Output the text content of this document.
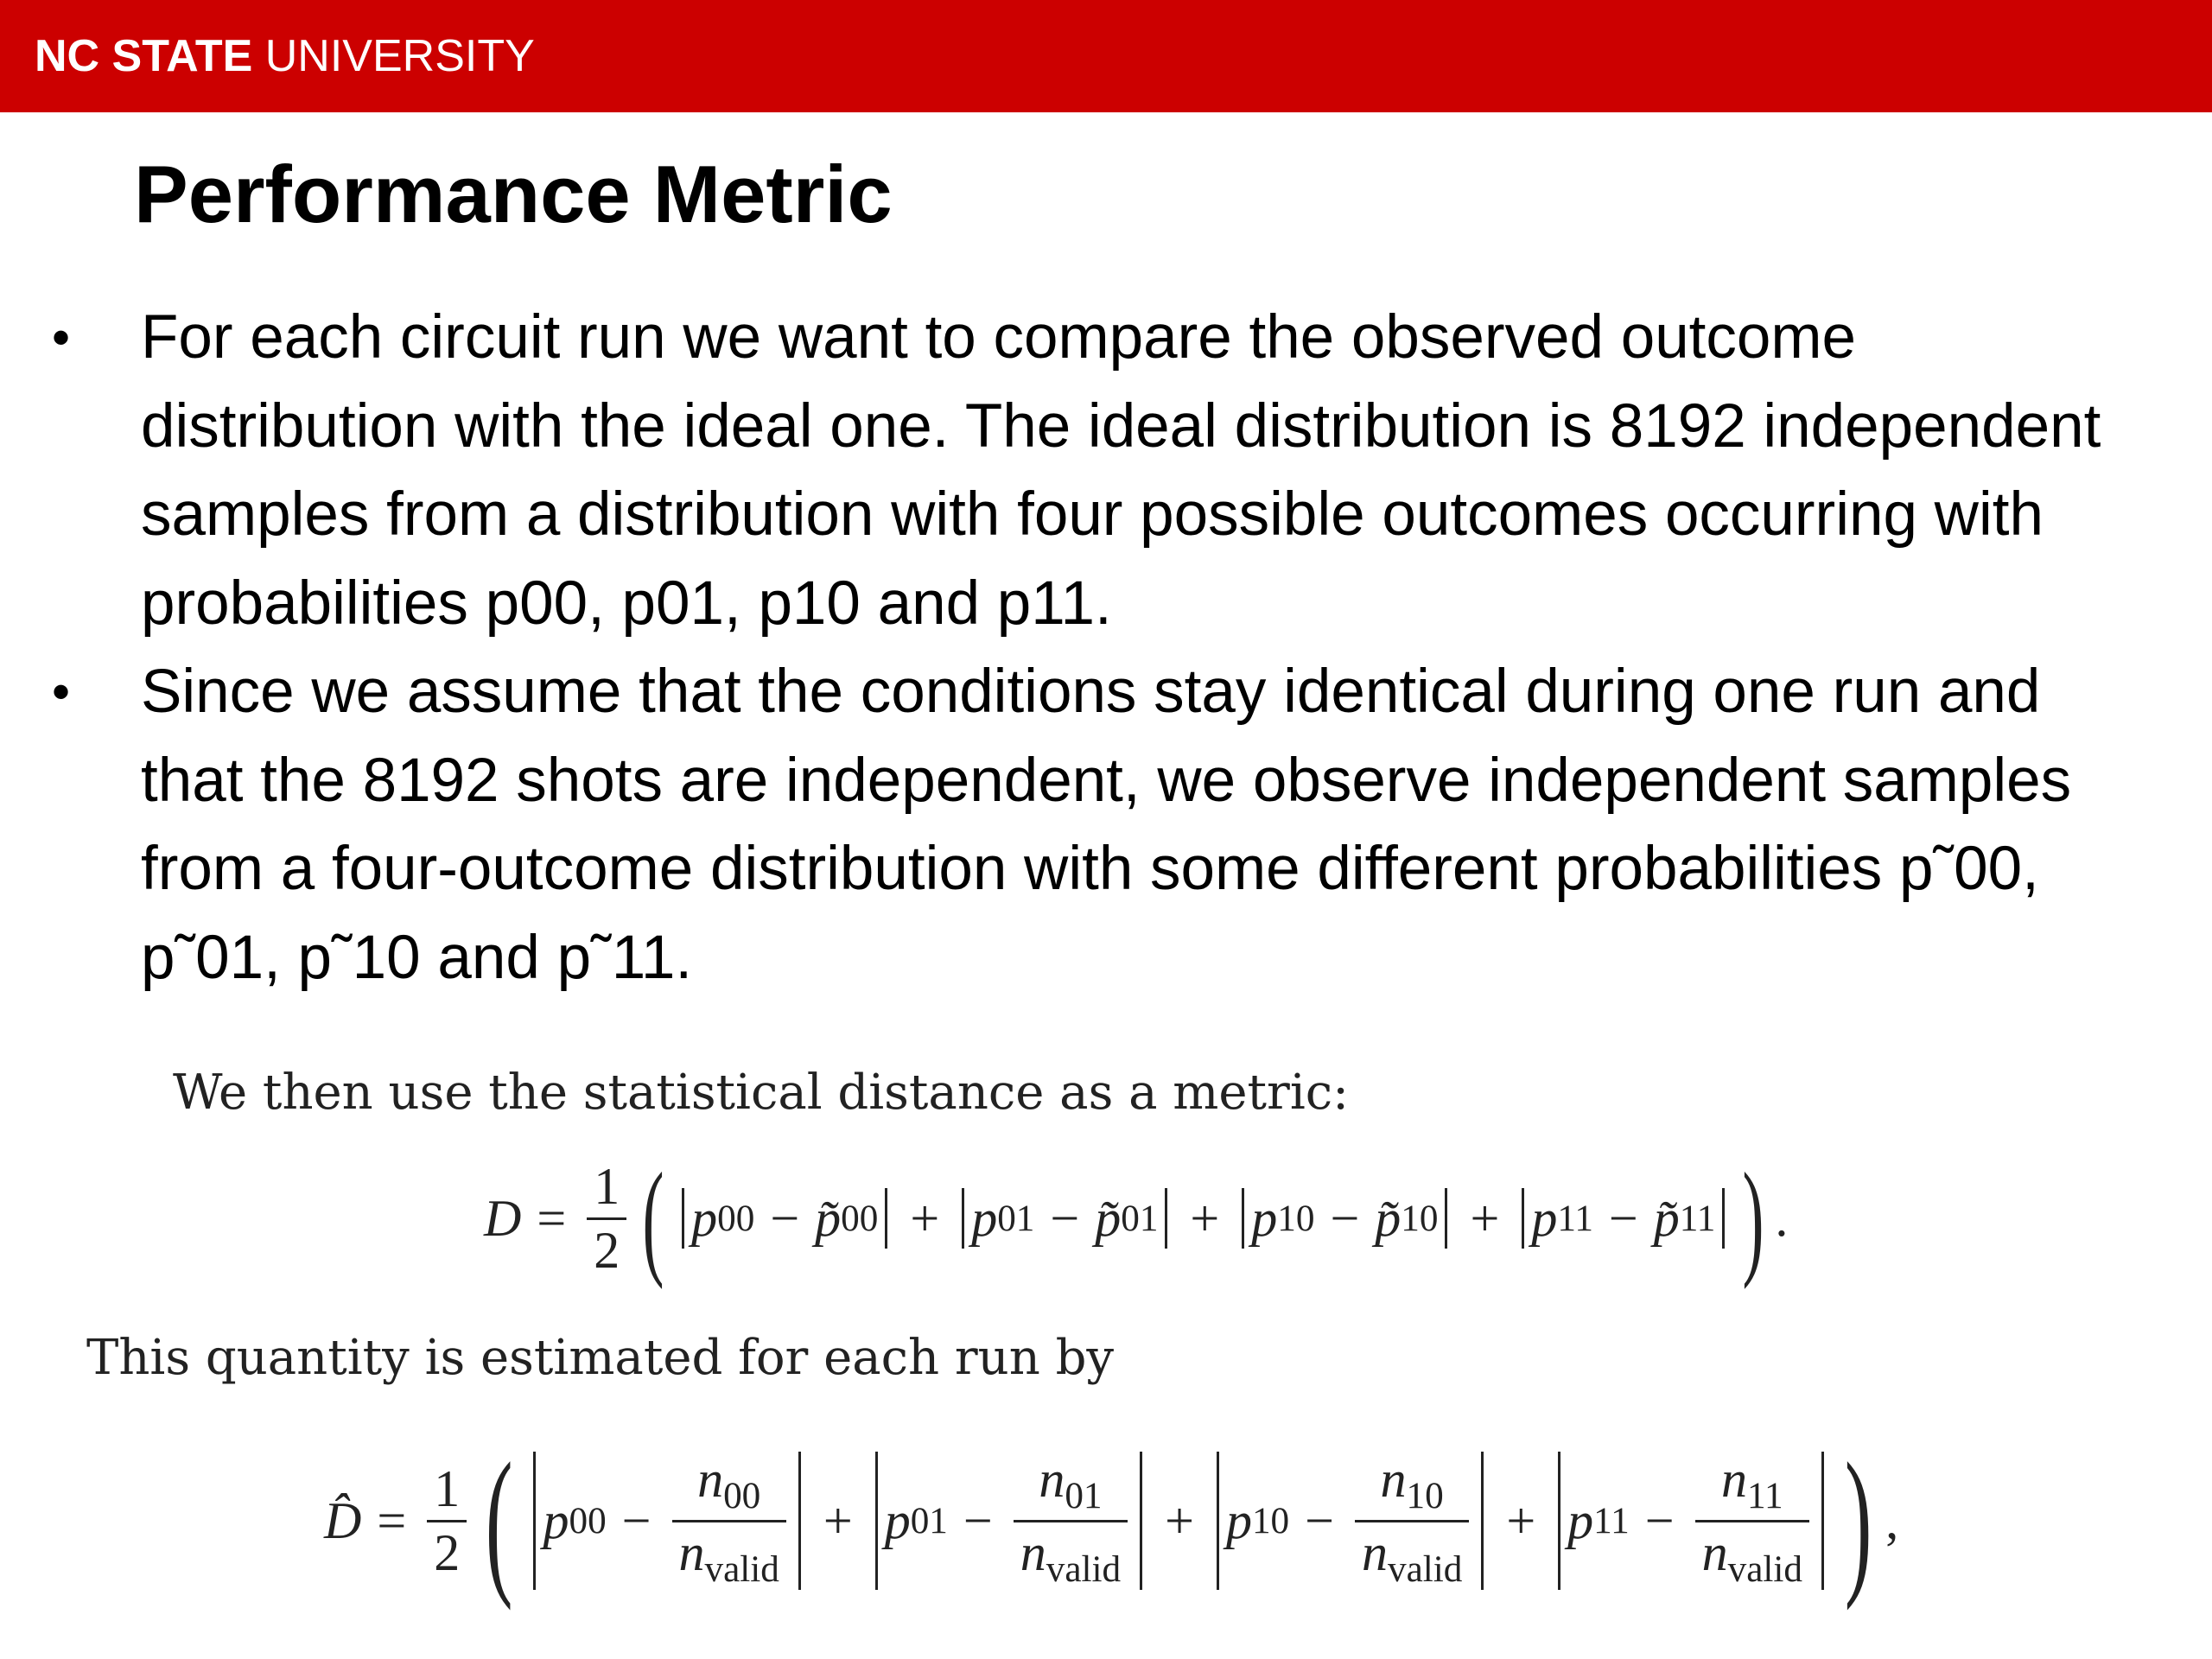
NC STATE UNIVERSITY
Performance Metric
• For each circuit run we want to compare the observed outcome distribution with the ideal one. The ideal distribution is 8192 independent samples from a distribution with four possible outcomes occurring with probabilities p00, p01, p10 and p11.
• Since we assume that the conditions stay identical during one run and that the 8192 shots are independent, we observe independent samples from a four-outcome distribution with some different probabilities p˜00, p˜01, p˜10 and p˜11.
We then use the statistical distance as a metric:
$D = \frac{1}{2}$ ( p 00 − p̃ 00 + p 01 − p̃ 01 + p 10 − p̃ 10 + p 11 − p̃ 11 ) .
This quantity is estimated for each run by
D̂ = $\frac{1}{2}$ ( p $00 - \frac{n_{00}}{n_{valid}} + p$ $01 - \frac{n_{01}}{n_{valid}} + p$ $10 - \frac{n_{10}}{n_{valid}} + p$ $11 - \frac{n_{11}}{n_{valid}}$ ) ,
